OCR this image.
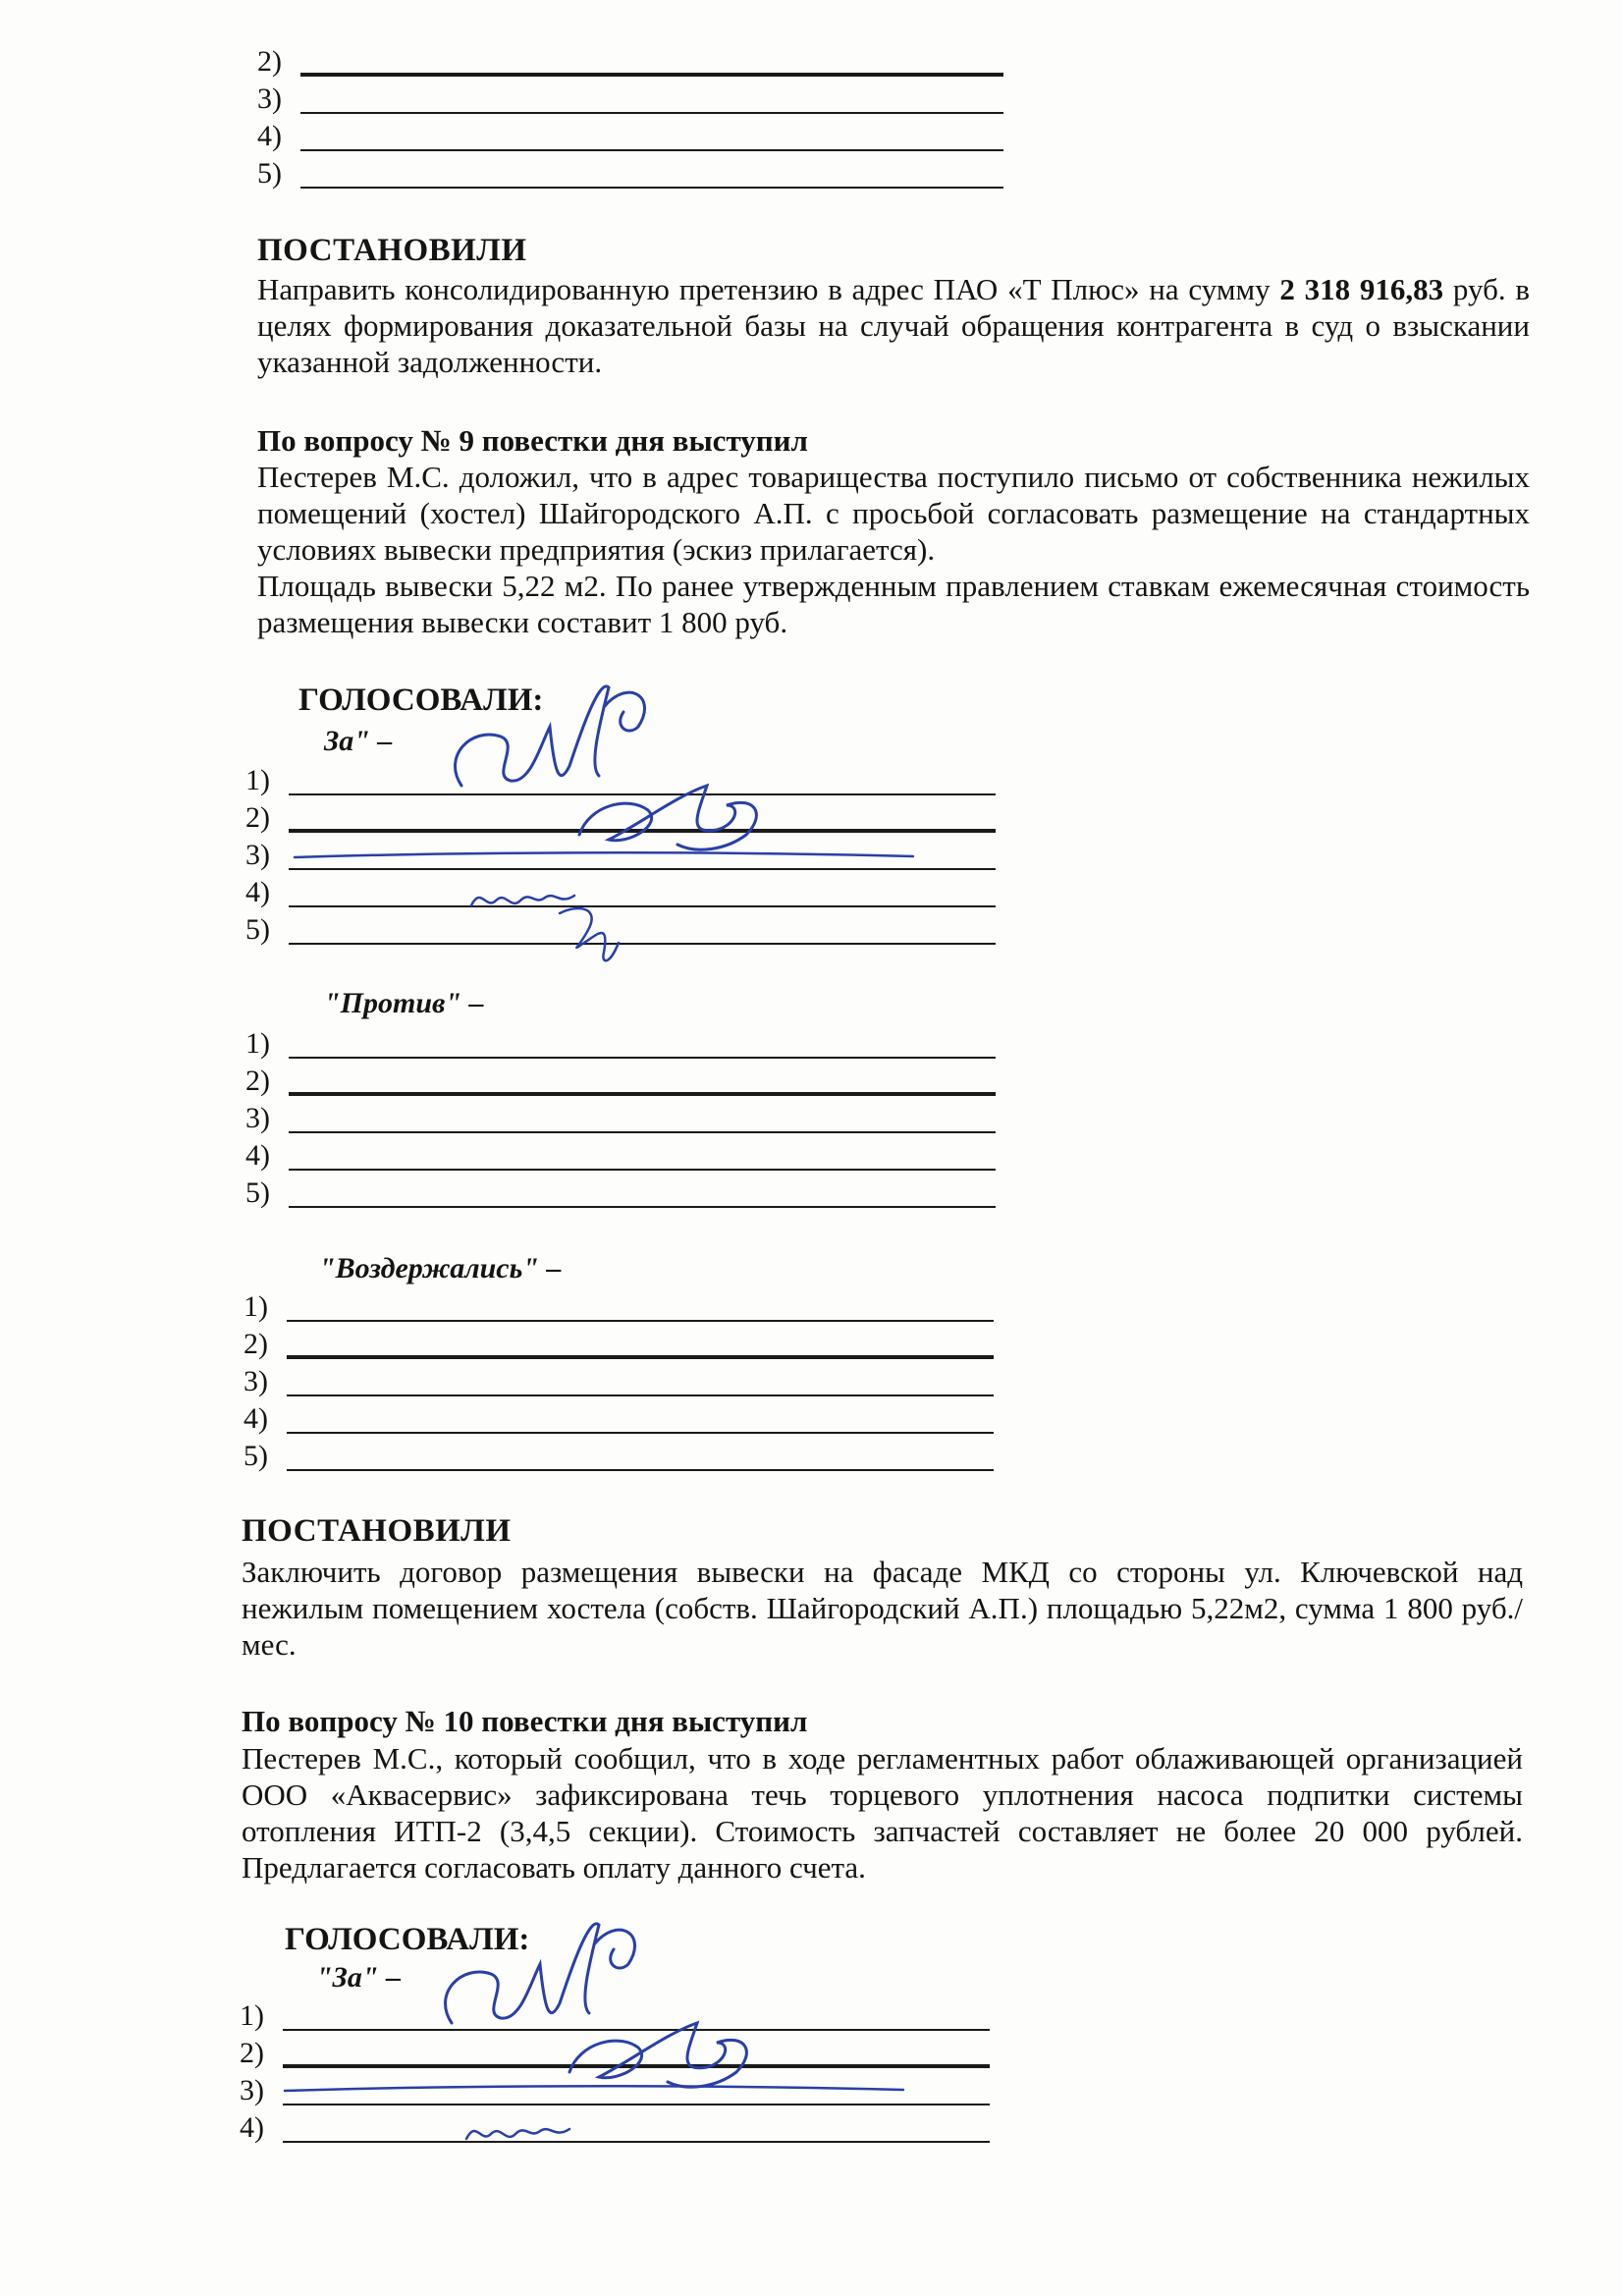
2)
3)
4)
5)
ПОСТАНОВИЛИ
Направить консолидированную претензию в адрес ПАО «Т Плюс» на сумму 2 318 916,83 руб. в целях формирования доказательной базы на случай обращения контрагента в суд о взыскании указанной задолженности.
По вопросу № 9 повестки дня выступил

Пестерев М.С. доложил, что в адрес товарищества поступило письмо от собственника нежилых помещений (хостел) Шайгородского А.П. с просьбой согласовать размещение на стандартных условиях вывески предприятия (эскиз прилагается).

Площадь вывески 5,22 м2. По ранее утвержденным правлением ставкам ежемесячная стоимость размещения вывески составит 1 800 руб.

ГОЛОСОВАЛИ:
За" –
1)
2)
3)
4)
5)
"Против" –
1)
2)
3)
4)
5)
"Воздержались" –
1)
2)
3)
4)
5)
ПОСТАНОВИЛИ
Заключить договор размещения вывески на фасаде МКД со стороны ул. Ключевской над нежилым помещением хостела (собств. Шайгородский А.П.) площадью 5,22м2, сумма 1 800 руб./мес.
По вопросу № 10 повестки дня выступил
Пестерев М.С., который сообщил, что в ходе регламентных работ облаживающей организацией ООО «Аквасервис» зафиксирована течь торцевого уплотнения насоса подпитки системы отопления ИТП-2 (3,4,5 секции). Стоимость запчастей составляет не более 20 000 рублей. Предлагается согласовать оплату данного счета.
ГОЛОСОВАЛИ:
"За" –
1)
2)
3)
4)
